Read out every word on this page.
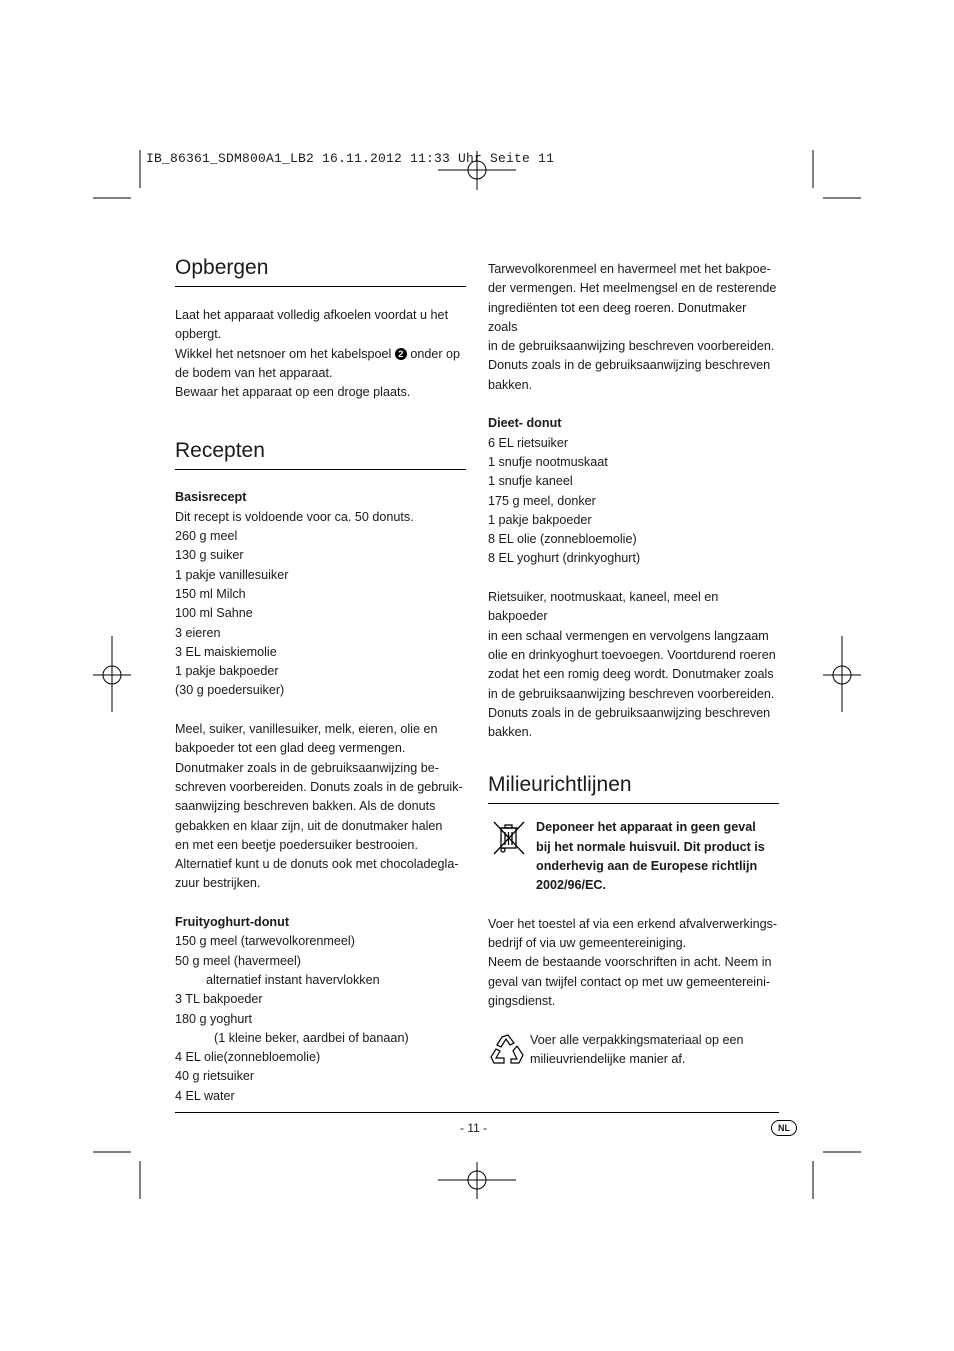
IB_86361_SDM800A1_LB2 16.11.2012 11:33 Uhr Seite 11
Opbergen

Laat het apparaat volledig afkoelen voordat u het

opbergt.

Wikkel het netsnoer om het kabelspoel 2 onder op

de bodem van het apparaat.

Bewaar het apparaat op een droge plaats.

Recepten

Basisrecept

Dit recept is voldoende voor ca. 50 donuts.

260 g meel

130 g suiker

1 pakje vanillesuiker

150 ml Milch

100 ml Sahne

3 eieren

3 EL maiskiemolie

1 pakje bakpoeder

(30 g poedersuiker)

Meel, suiker, vanillesuiker, melk, eieren, olie en

bakpoeder tot een glad deeg vermengen.

Donutmaker zoals in de gebruiksaanwijzing be-

schreven voorbereiden. Donuts zoals in de gebruik-

saanwijzing beschreven bakken. Als de donuts

gebakken en klaar zijn, uit de donutmaker halen

en met een beetje poedersuiker bestrooien.

Alternatief kunt u de donuts ook met chocoladegla-

zuur bestrijken.

Fruityoghurt-donut

150 g meel (tarwevolkorenmeel)

50 g meel (havermeel)

alternatief instant havervlokken

3 TL bakpoeder

180 g yoghurt

(1 kleine beker, aardbei of banaan)

4 EL olie(zonnebloemolie)

40 g rietsuiker

4 EL water

Tarwevolkorenmeel en havermeel met het bakpoe-

der vermengen. Het meelmengsel en de resterende

ingrediënten tot een deeg roeren. Donutmaker zoals

in de gebruiksaanwijzing beschreven voorbereiden.

Donuts zoals in de gebruiksaanwijzing beschreven

bakken.

Dieet- donut

6 EL rietsuiker

1 snufje nootmuskaat

1 snufje kaneel

175 g meel, donker

1 pakje bakpoeder

8 EL olie (zonnebloemolie)

8 EL yoghurt (drinkyoghurt)

Rietsuiker, nootmuskaat, kaneel, meel en bakpoeder

in een schaal vermengen en vervolgens langzaam

olie en drinkyoghurt toevoegen. Voortdurend roeren

zodat het een romig deeg wordt. Donutmaker zoals

in de gebruiksaanwijzing beschreven voorbereiden.

Donuts zoals in de gebruiksaanwijzing beschreven

bakken.

Milieurichtlijnen

Deponeer het apparaat in geen geval

bij het normale huisvuil. Dit product is

onderhevig aan de Europese richtlijn

2002/96/EC.

Voer het toestel af via een erkend afvalverwerkings-

bedrijf of via uw gemeentereiniging.

Neem de bestaande voorschriften in acht. Neem in

geval van twijfel contact op met uw gemeentereini-

gingsdienst.

Voer alle verpakkingsmateriaal op een

milieuvriendelijke manier af.

- 11 -	NL
